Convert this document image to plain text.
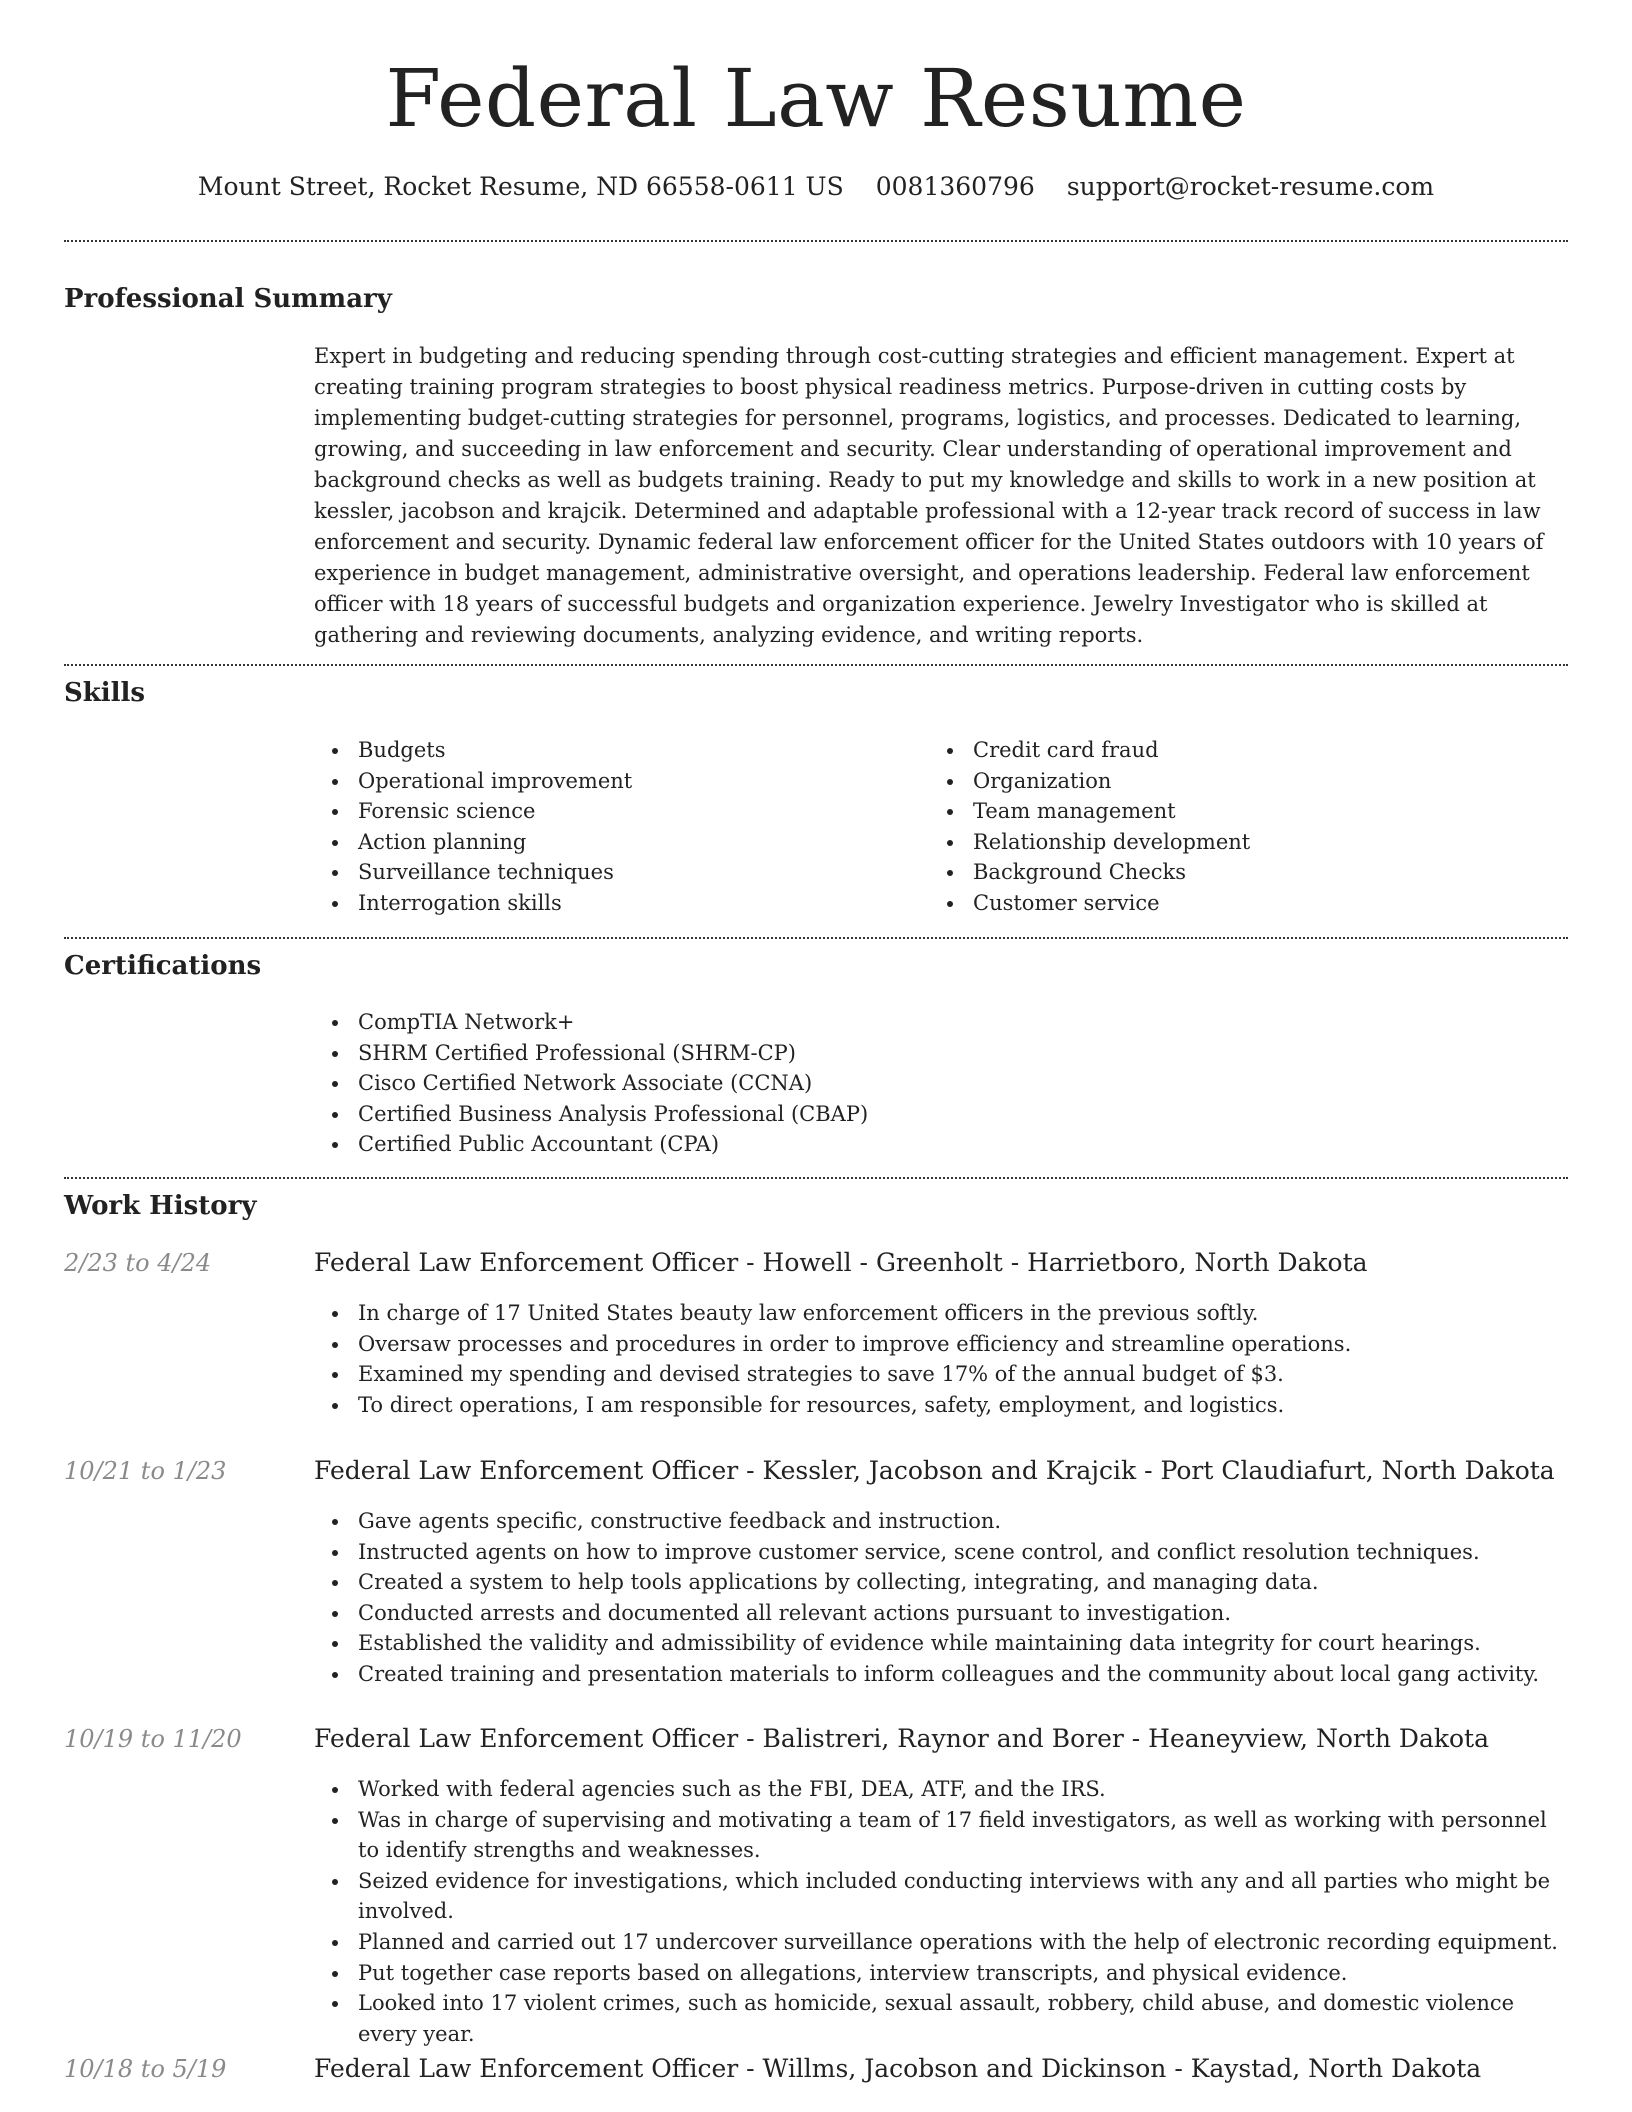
Federal Law Resume
Mount Street, Rocket Resume, ND 66558-0611 US 0081360796 support@rocket-resume.com
Professional Summary

Expert in budgeting and reducing spending through cost-cutting strategies and efficient management. Expert at creating training program strategies to boost physical readiness metrics. Purpose-driven in cutting costs by implementing budget-cutting strategies for personnel, programs, logistics, and processes. Dedicated to learning, growing, and succeeding in law enforcement and security. Clear understanding of operational improvement and background checks as well as budgets training. Ready to put my knowledge and skills to work in a new position at kessler, jacobson and krajcik. Determined and adaptable professional with a 12-year track record of success in law enforcement and security. Dynamic federal law enforcement officer for the United States outdoors with 10 years of experience in budget management, administrative oversight, and operations leadership. Federal law enforcement officer with 18 years of successful budgets and organization experience. Jewelry Investigator who is skilled at gathering and reviewing documents, analyzing evidence, and writing reports.

Skills
Budgets
Operational improvement
Forensic science
Action planning
Surveillance techniques
Interrogation skills
Credit card fraud
Organization
Team management
Relationship development
Background Checks
Customer service
Certifications
CompTIA Network+
SHRM Certified Professional (SHRM-CP)
Cisco Certified Network Associate (CCNA)
Certified Business Analysis Professional (CBAP)
Certified Public Accountant (CPA)
Work History
2/23 to 4/24	Federal Law Enforcement Officer - Howell - Greenholt - Harrietboro, North Dakota
In charge of 17 United States beauty law enforcement officers in the previous softly.
Oversaw processes and procedures in order to improve efficiency and streamline operations.
Examined my spending and devised strategies to save 17% of the annual budget of $3.
To direct operations, I am responsible for resources, safety, employment, and logistics.
10/21 to 1/23	Federal Law Enforcement Officer - Kessler, Jacobson and Krajcik - Port Claudiafurt, North Dakota
Gave agents specific, constructive feedback and instruction.
Instructed agents on how to improve customer service, scene control, and conflict resolution techniques.
Created a system to help tools applications by collecting, integrating, and managing data.
Conducted arrests and documented all relevant actions pursuant to investigation.
Established the validity and admissibility of evidence while maintaining data integrity for court hearings.
Created training and presentation materials to inform colleagues and the community about local gang activity.
10/19 to 11/20	Federal Law Enforcement Officer - Balistreri, Raynor and Borer - Heaneyview, North Dakota
Worked with federal agencies such as the FBI, DEA, ATF, and the IRS.
Was in charge of supervising and motivating a team of 17 field investigators, as well as working with personnel to identify strengths and weaknesses.
Seized evidence for investigations, which included conducting interviews with any and all parties who might be involved.
Planned and carried out 17 undercover surveillance operations with the help of electronic recording equipment.
Put together case reports based on allegations, interview transcripts, and physical evidence.
Looked into 17 violent crimes, such as homicide, sexual assault, robbery, child abuse, and domestic violence every year.
10/18 to 5/19	Federal Law Enforcement Officer - Willms, Jacobson and Dickinson - Kaystad, North Dakota
